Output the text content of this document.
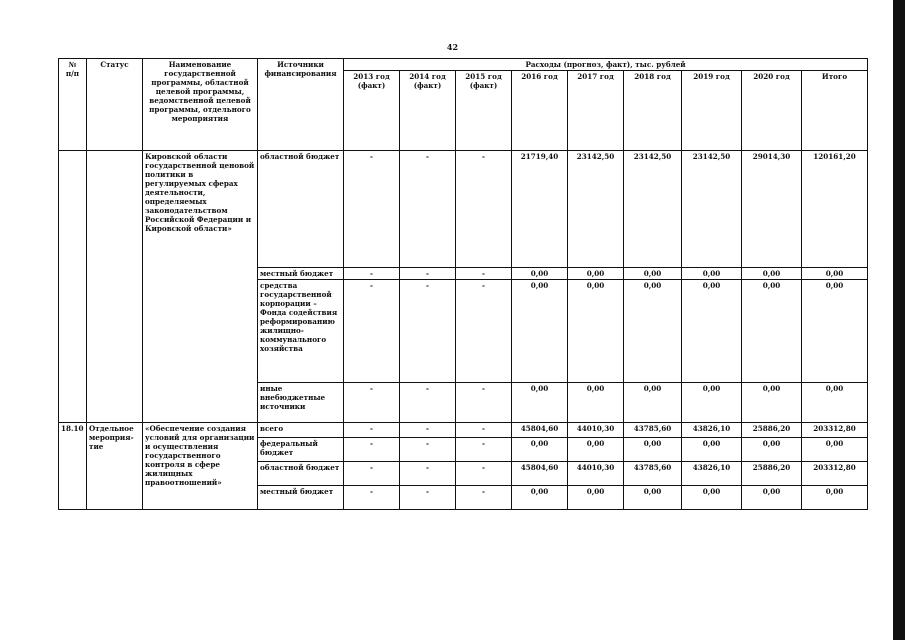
42
№
п/п	Статус	Наименование государственной программы, областной целевой программы, ведомственной целевой программы, отдельного мероприятия	Источники финансирования	Расходы (прогноз, факт), тыс. рублей								
				2013 год (факт)	2014 год (факт)	2015 год (факт)	2016 год	2017 год	2018 год	2019 год	2020 год	Итого
		Кировской области государственной ценовой политики в регулируемых сферах деятельности, определяемых законодательством Российской Федерации и Кировской области»	областной бюджет	-	-	-	21719,40	23142,50	23142,50	23142,50	29014,30	120161,20
			местный бюджет	-	-	-	0,00	0,00	0,00	0,00	0,00	0,00
			средства государственной корпорации – Фонда содействия реформированию жилищно-коммунального хозяйства	-	-	-	0,00	0,00	0,00	0,00	0,00	0,00
			иные внебюджетные источники	-	-	-	0,00	0,00	0,00	0,00	0,00	0,00
18.10	Отдельное мероприя-тие	«Обеспечение создания условий для организации и осуществления государственного контроля в сфере жилищных правоотношений»	всего	-	-	-	45804,60	44010,30	43785,60	43826,10	25886,20	203312,80
			федеральный бюджет	-	-	-	0,00	0,00	0,00	0,00	0,00	0,00
			областной бюджет	-	-	-	45804,60	44010,30	43785,60	43826,10	25886,20	203312,80
			местный бюджет	-	-	-	0,00	0,00	0,00	0,00	0,00	0,00
